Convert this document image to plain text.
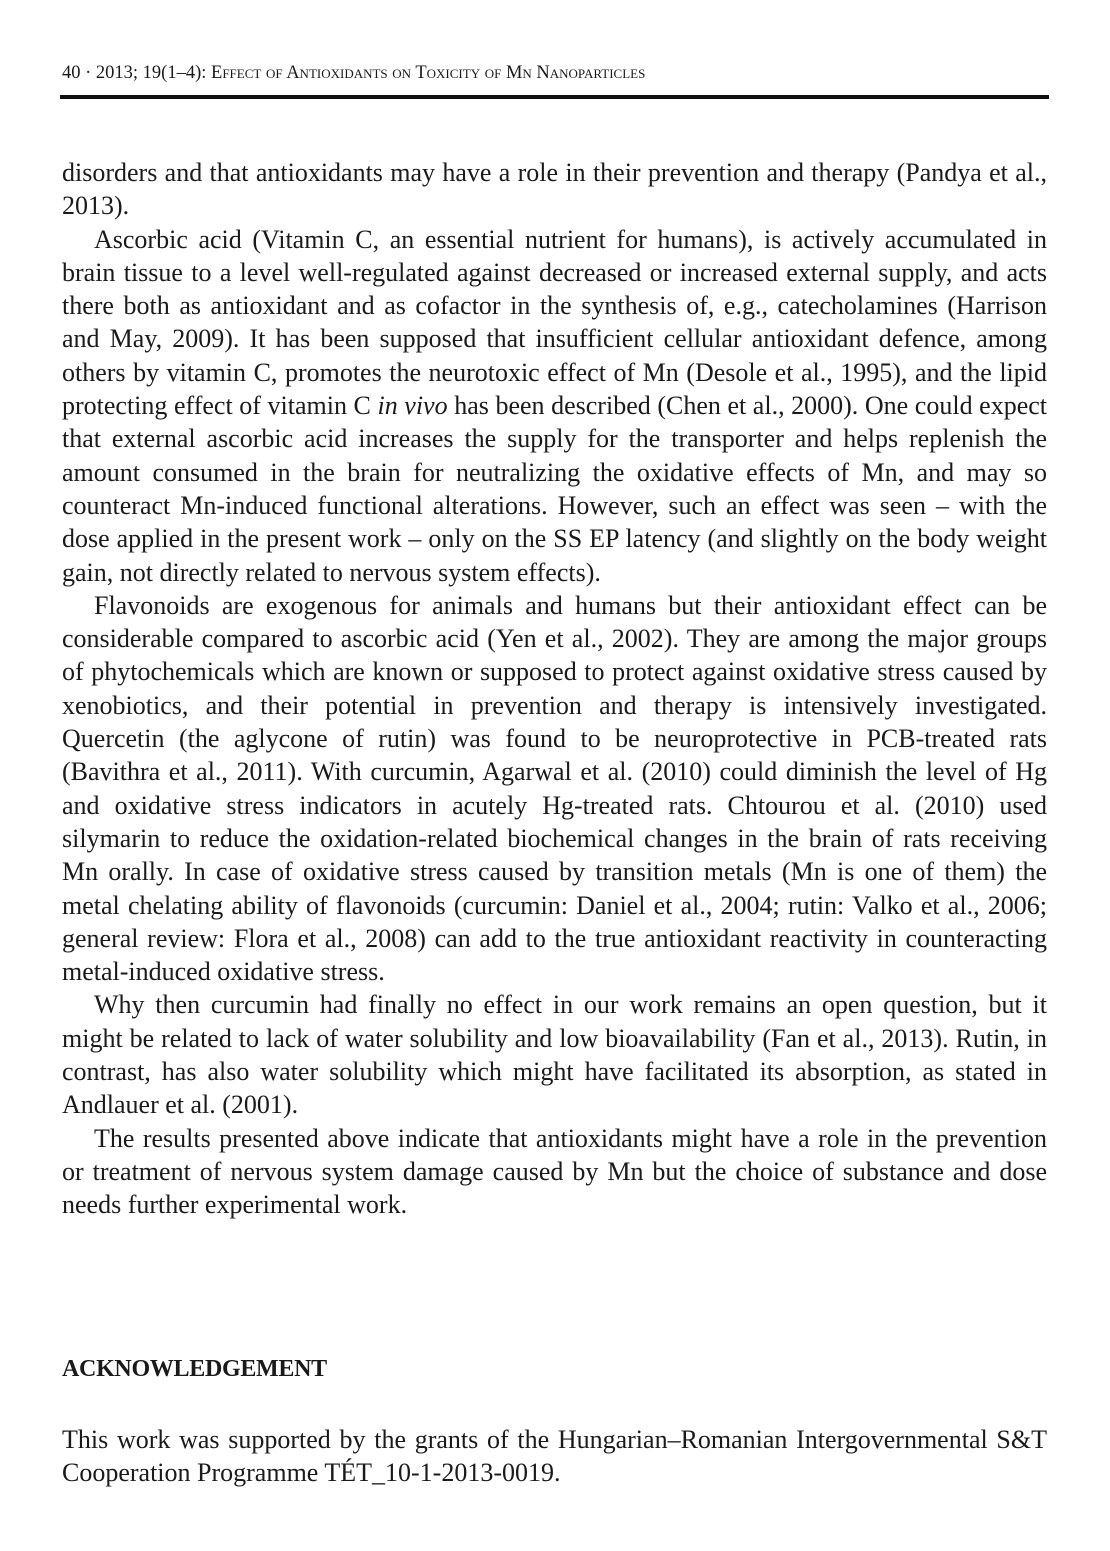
40 · 2013; 19(1–4): Effect of Antioxidants on Toxicity of Mn Nanoparticles

disorders and that antioxidants may have a role in their prevention and therapy (Pandya et al., 2013).

Ascorbic acid (Vitamin C, an essential nutrient for humans), is actively accumulated in brain tissue to a level well-regulated against decreased or increased external supply, and acts there both as antioxidant and as cofactor in the synthesis of, e.g., catecholamines (Harrison and May, 2009). It has been supposed that insufficient cellular antioxidant defence, among others by vitamin C, promotes the neurotoxic effect of Mn (Desole et al., 1995), and the lipid protecting effect of vitamin C in vivo has been described (Chen et al., 2000). One could expect that external ascorbic acid increases the supply for the transporter and helps replenish the amount consumed in the brain for neutralizing the oxidative effects of Mn, and may so counteract Mn-induced functional alterations. However, such an effect was seen – with the dose applied in the present work – only on the SS EP latency (and slightly on the body weight gain, not directly related to nervous system effects).

Flavonoids are exogenous for animals and humans but their antioxidant effect can be considerable compared to ascorbic acid (Yen et al., 2002). They are among the major groups of phytochemicals which are known or supposed to protect against oxidative stress caused by xenobiotics, and their potential in prevention and therapy is intensively investigated. Quercetin (the aglycone of rutin) was found to be neuroprotective in PCB-treated rats (Bavithra et al., 2011). With curcumin, Agarwal et al. (2010) could diminish the level of Hg and oxidative stress indicators in acutely Hg-treated rats. Chtourou et al. (2010) used silymarin to reduce the oxidation-related biochemical changes in the brain of rats receiving Mn orally. In case of oxidative stress caused by transition metals (Mn is one of them) the metal chelating ability of flavonoids (curcumin: Daniel et al., 2004; rutin: Valko et al., 2006; general review: Flora et al., 2008) can add to the true antioxidant reactivity in counteracting metal-induced oxidative stress.

Why then curcumin had finally no effect in our work remains an open question, but it might be related to lack of water solubility and low bioavailability (Fan et al., 2013). Rutin, in contrast, has also water solubility which might have facilitated its absorption, as stated in Andlauer et al. (2001).

The results presented above indicate that antioxidants might have a role in the prevention or treatment of nervous system damage caused by Mn but the choice of substance and dose needs further experimental work.

ACKNOWLEDGEMENT

This work was supported by the grants of the Hungarian–Romanian Intergovernmental S&T Cooperation Programme TÉT_10-1-2013-0019.
